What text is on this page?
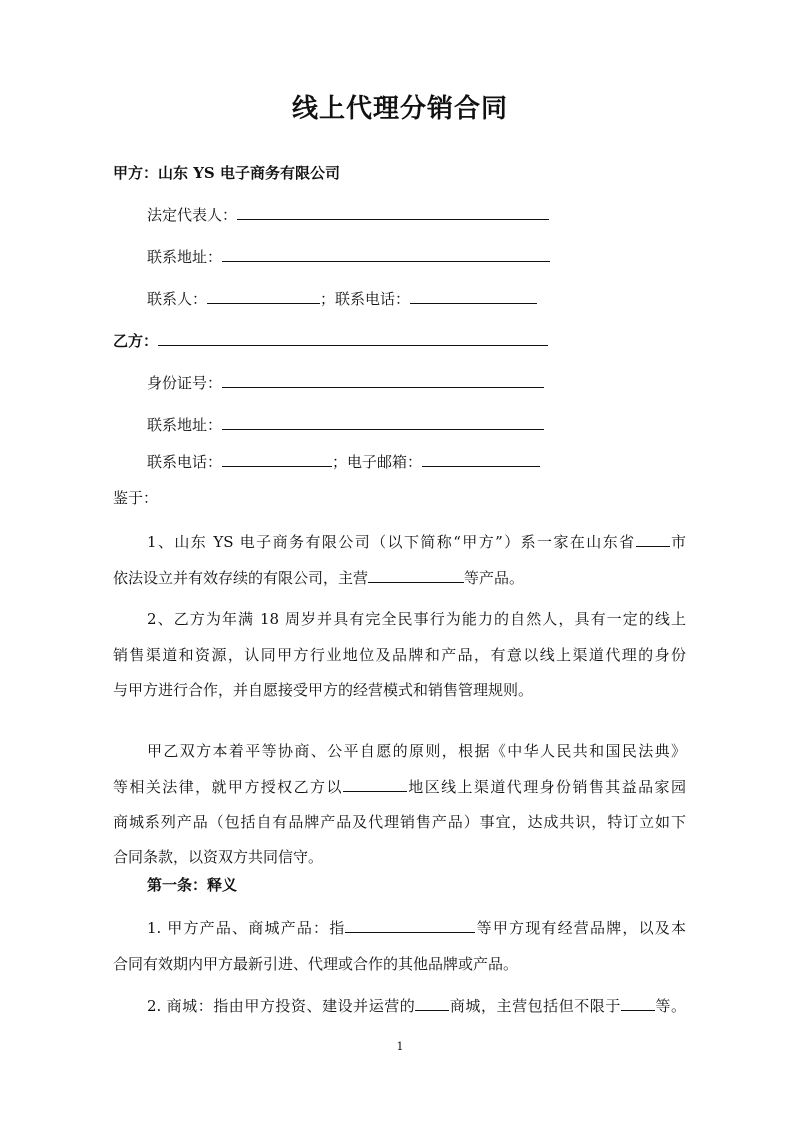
线上代理分销合同
甲方：山东 YS 电子商务有限公司
法定代表人：
联系地址：
联系人：	；联系电话：
乙方：
身份证号：
联系地址：
联系电话：	；电子邮箱：
鉴于：
1、山东 YS 电子商务有限公司（以下简称“甲方”）系一家在山东省 市
依法设立并有效存续的有限公司，主营	等产品。
2、乙方为年满 18 周岁并具有完全民事行为能力的自然人，具有一定的线上
销售渠道和资源，认同甲方行业地位及品牌和产品，有意以线上渠道代理的身份
与甲方进行合作，并自愿接受甲方的经营模式和销售管理规则。
甲乙双方本着平等协商、公平自愿的原则，根据《中华人民共和国民法典》
等相关法律，就甲方授权乙方以	地区线上渠道代理身份销售其益品家园
商城系列产品（包括自有品牌产品及代理销售产品）事宜，达成共识，特订立如下
合同条款，以资双方共同信守。
第一条：释义
1. 甲方产品、商城产品：指	等甲方现有经营品牌，以及本
合同有效期内甲方最新引进、代理或合作的其他品牌或产品。
2. 商城：指由甲方投资、建设并运营的 商城，主营包括但不限于 等。
1
